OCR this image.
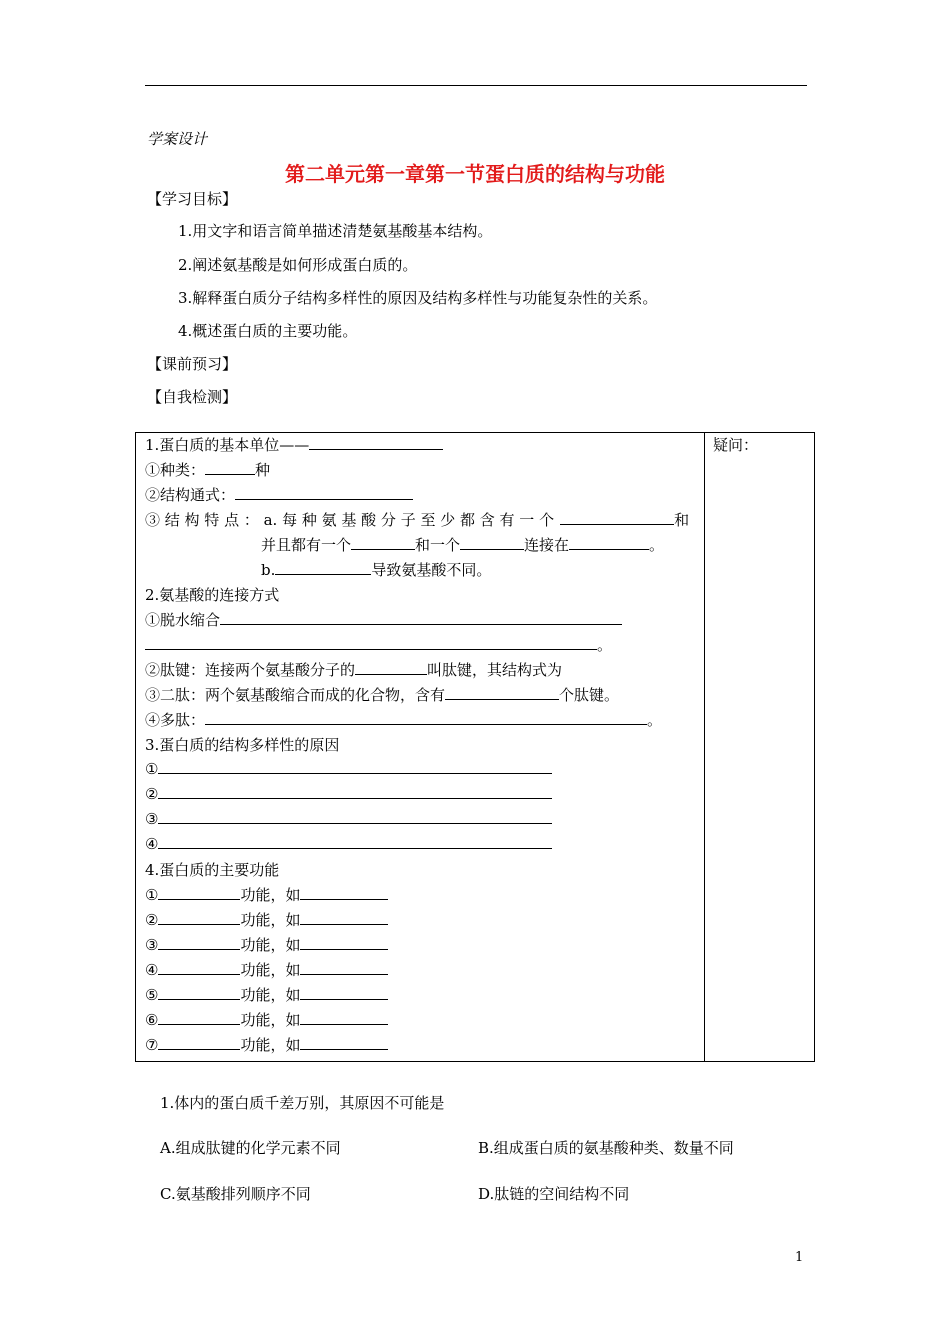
学案设计
第二单元第一章第一节蛋白质的结构与功能
【学习目标】
1.用文字和语言简单描述清楚氨基酸基本结构。
2.阐述氨基酸是如何形成蛋白质的。
3.解释蛋白质分子结构多样性的原因及结构多样性与功能复杂性的关系。
4.概述蛋白质的主要功能。
【课前预习】
【自我检测】
疑问：
1.蛋白质的基本单位——
①种类：	种
②结构通式：
③ 结 构 特 点 ： a. 每 种 氨 基 酸 分 子 至 少 都 含 有 一 个	和
并且都有一个	和一个	连接在	。
b.	导致氨基酸不同。
2.氨基酸的连接方式
①脱水缩合
。
②肽键：连接两个氨基酸分子的	叫肽键，其结构式为
③二肽：两个氨基酸缩合而成的化合物，含有	个肽键。
④多肽：	。
3.蛋白质的结构多样性的原因
①
②
③
④
4.蛋白质的主要功能
①	功能，如
②	功能，如
③	功能，如
④	功能，如
⑤	功能，如
⑥	功能，如
⑦	功能，如
1.体内的蛋白质千差万别，其原因不可能是
A.组成肽键的化学元素不同	B.组成蛋白质的氨基酸种类、数量不同
C.氨基酸排列顺序不同	D.肽链的空间结构不同
1
